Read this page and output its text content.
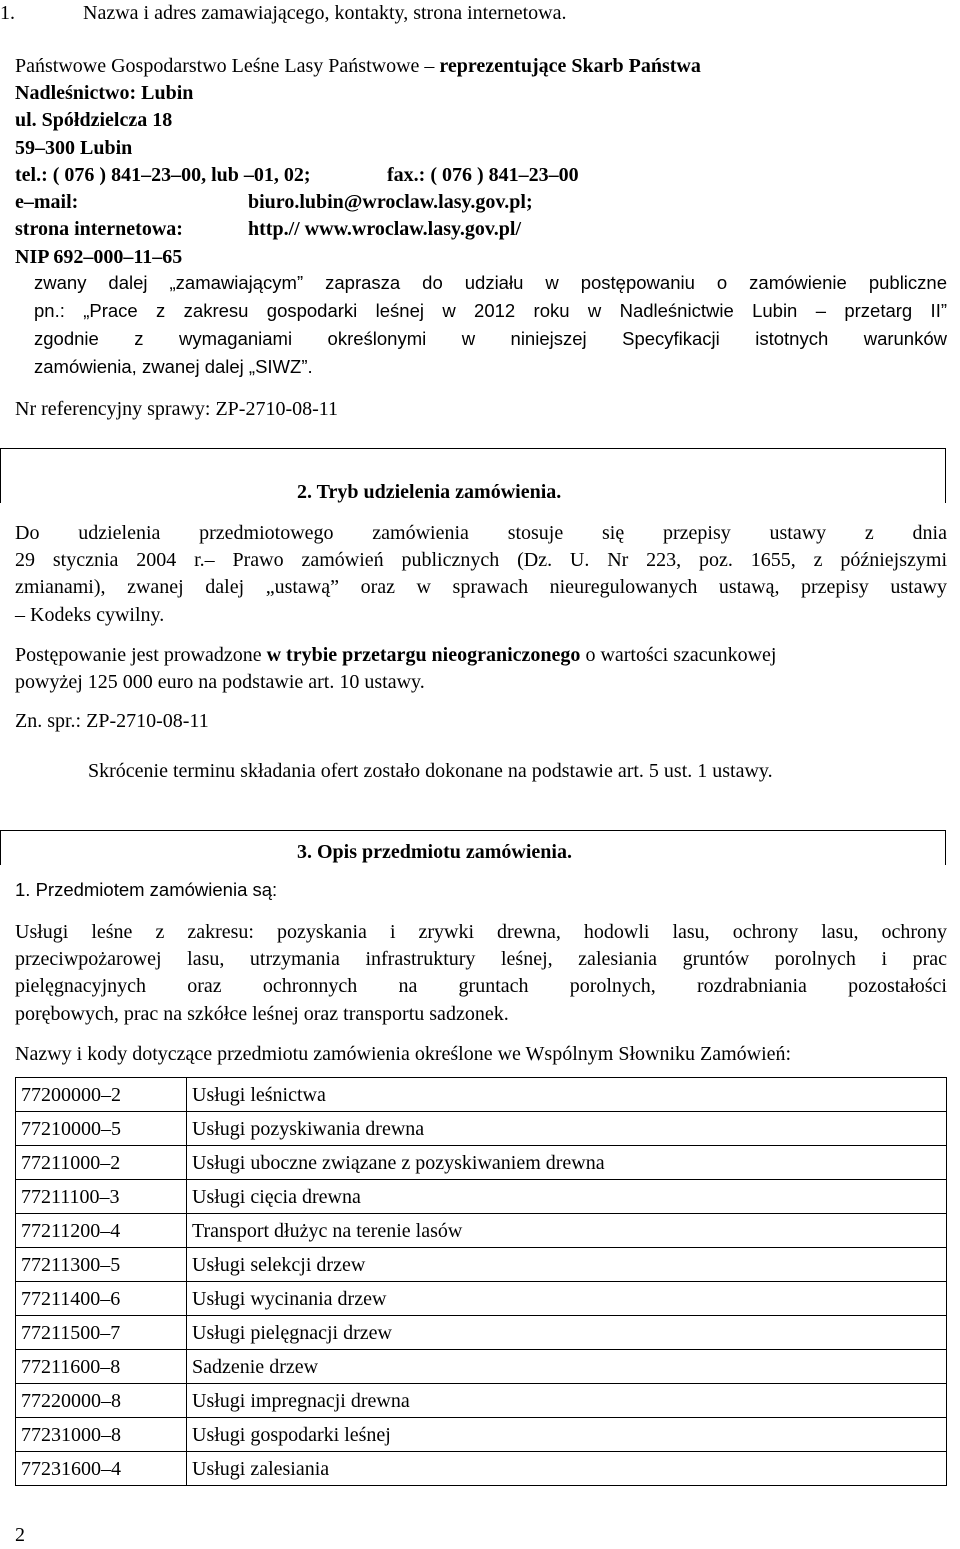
1.	Nazwa i adres zamawiającego, kontakty, strona internetowa.
Państwowe Gospodarstwo Leśne Lasy Państwowe – reprezentujące Skarb Państwa
Nadleśnictwo: Lubin
ul. Spółdzielcza 18
59–300 Lubin
tel.: ( 076 ) 841–23–00, lub –01, 02;	fax.: ( 076 ) 841–23–00
e–mail:	biuro.lubin@wroclaw.lasy.gov.pl;
strona internetowa:	http.// www.wroclaw.lasy.gov.pl/
NIP 692–000–11–65
zwany dalej „zamawiającym” zaprasza do udziału w postępowaniu o zamówienie publiczne
pn.: „Prace z zakresu gospodarki leśnej w 2012 roku w Nadleśnictwie Lubin – przetarg II”
zgodnie z wymaganiami określonymi w niniejszej Specyfikacji istotnych warunków
zamówienia, zwanej dalej „SIWZ”.
Nr referencyjny sprawy: ZP-2710-08-11
2. Tryb udzielenia zamówienia.
Do udzielenia przedmiotowego zamówienia stosuje się przepisy ustawy z dnia
29 stycznia 2004 r.– Prawo zamówień publicznych (Dz. U. Nr 223, poz. 1655, z późniejszymi
zmianami), zwanej dalej „ustawą” oraz w sprawach nieuregulowanych ustawą, przepisy ustawy
– Kodeks cywilny.
Postępowanie jest prowadzone w trybie przetargu nieograniczonego o wartości szacunkowej
powyżej 125 000 euro na podstawie art. 10 ustawy.
Zn. spr.: ZP-2710-08-11
Skrócenie terminu składania ofert zostało dokonane na podstawie art. 5 ust. 1 ustawy.
3. Opis przedmiotu zamówienia.
1. Przedmiotem zamówienia są:
Usługi leśne z zakresu: pozyskania i zrywki drewna, hodowli lasu, ochrony lasu, ochrony
przeciwpożarowej lasu, utrzymania infrastruktury leśnej, zalesiania gruntów porolnych i prac
pielęgnacyjnych oraz ochronnych na gruntach porolnych, rozdrabniania pozostałości
porębowych, prac na szkółce leśnej oraz transportu sadzonek.
Nazwy i kody dotyczące przedmiotu zamówienia określone we Wspólnym Słowniku Zamówień:
77200000–2	Usługi leśnictwa
77210000–5	Usługi pozyskiwania drewna
77211000–2	Usługi uboczne związane z pozyskiwaniem drewna
77211100–3	Usługi cięcia drewna
77211200–4	Transport dłużyc na terenie lasów
77211300–5	Usługi selekcji drzew
77211400–6	Usługi wycinania drzew
77211500–7	Usługi pielęgnacji drzew
77211600–8	Sadzenie drzew
77220000–8	Usługi impregnacji drewna
77231000–8	Usługi gospodarki leśnej
77231600–4	Usługi zalesiania
2
